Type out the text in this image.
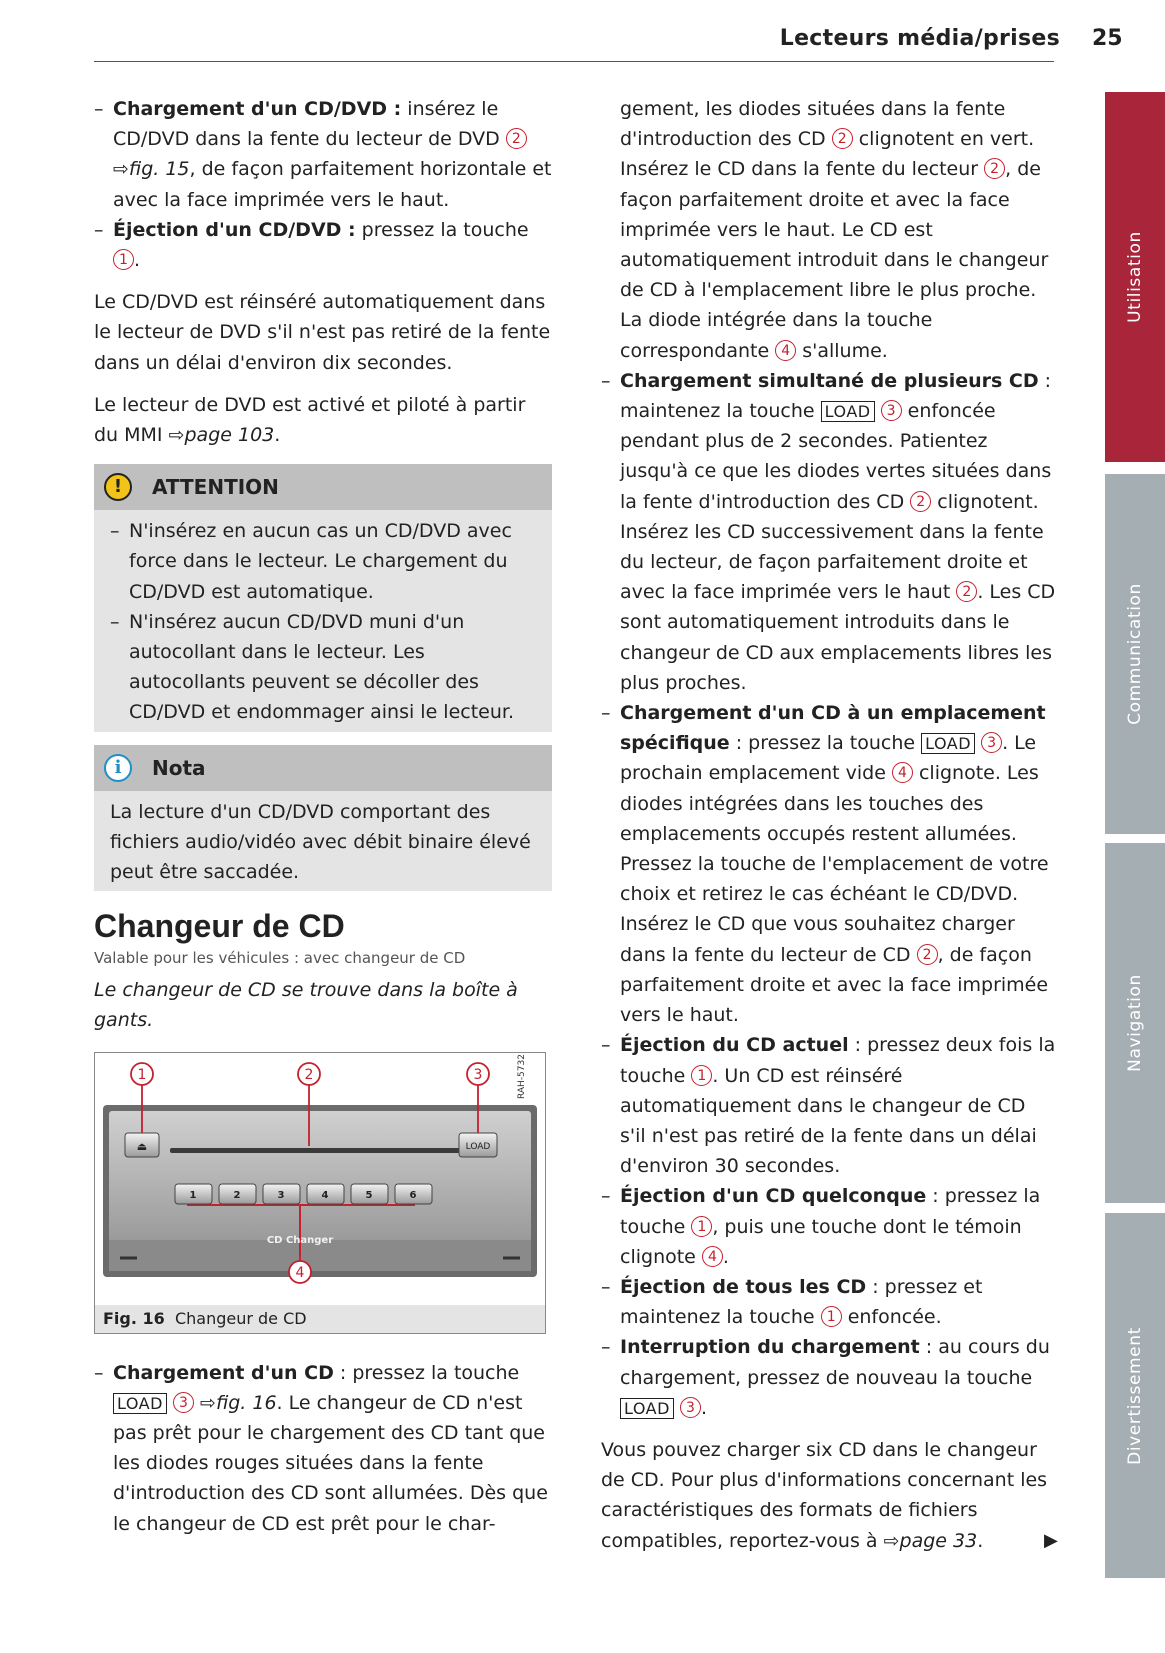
Lecteurs média/prises 25
Utilisation
Communication
Navigation
Divertissement

– Chargement d'un CD/DVD : insérez le CD/DVD dans la fente du lecteur de DVD 2 ⇨fig. 15, de façon parfaitement horizontale et avec la face imprimée vers le haut.

– Éjection d'un CD/DVD : pressez la touche 1 .

Le CD/DVD est réinséré automatiquement dans le lecteur de DVD s'il n'est pas retiré de la fente dans un délai d'environ dix secondes.

Le lecteur de DVD est activé et piloté à partir du MMI ⇨page 103.

!	ATTENTION

– N'insérez en aucun cas un CD/DVD avec force dans le lecteur. Le chargement du CD/DVD est automatique.

– N'insérez aucun CD/DVD muni d'un autocollant dans le lecteur. Les autocollants peuvent se décoller des CD/DVD et endommager ainsi le lecteur.

i	Nota

La lecture d'un CD/DVD comportant des fichiers audio/vidéo avec débit binaire élevé peut être saccadée.

Changeur de CD

Valable pour les véhicules : avec changeur de CD

Le changeur de CD se trouve dans la boîte à gants.

⏏	LOAD
CD Changer
1	2	3	4	5	6
1	2	3
4
RAH-5732
Fig. 16 Changeur de CD

– Chargement d'un CD : pressez la touche LOAD 3 ⇨fig. 16. Le changeur de CD n'est pas prêt pour le chargement des CD tant que les diodes rouges situées dans la fente d'introduction des CD sont allumées. Dès que le changeur de CD est prêt pour le char-

gement, les diodes situées dans la fente d'introduction des CD 2 clignotent en vert. Insérez le CD dans la fente du lecteur 2 , de façon parfaitement droite et avec la face imprimée vers le haut. Le CD est automatiquement introduit dans le changeur de CD à l'emplacement libre le plus proche. La diode intégrée dans la touche correspondante 4 s'allume.

– Chargement simultané de plusieurs CD : maintenez la touche LOAD 3 enfoncée pendant plus de 2 secondes. Patientez jusqu'à ce que les diodes vertes situées dans la fente d'introduction des CD 2 clignotent. Insérez les CD successivement dans la fente du lecteur, de façon parfaitement droite et avec la face imprimée vers le haut 2 . Les CD sont automatiquement introduits dans le changeur de CD aux emplacements libres les plus proches.

– Chargement d'un CD à un emplacement spécifique : pressez la touche LOAD 3 . Le prochain emplacement vide 4 clignote. Les diodes intégrées dans les touches des emplacements occupés restent allumées. Pressez la touche de l'emplacement de votre choix et retirez le cas échéant le CD/DVD. Insérez le CD que vous souhaitez charger dans la fente du lecteur de CD 2 , de façon parfaitement droite et avec la face imprimée vers le haut.

– Éjection du CD actuel : pressez deux fois la touche 1 . Un CD est réinséré automatiquement dans le changeur de CD s'il n'est pas retiré de la fente dans un délai d'environ 30 secondes.

– Éjection d'un CD quelconque : pressez la touche 1 , puis une touche dont le témoin clignote 4 .

– Éjection de tous les CD : pressez et maintenez la touche 1 enfoncée.

– Interruption du chargement : au cours du chargement, pressez de nouveau la touche LOAD 3 .

Vous pouvez charger six CD dans le changeur de CD. Pour plus d'informations concernant les caractéristiques des formats de fichiers compatibles, reportez-vous à ⇨page 33.	▶
